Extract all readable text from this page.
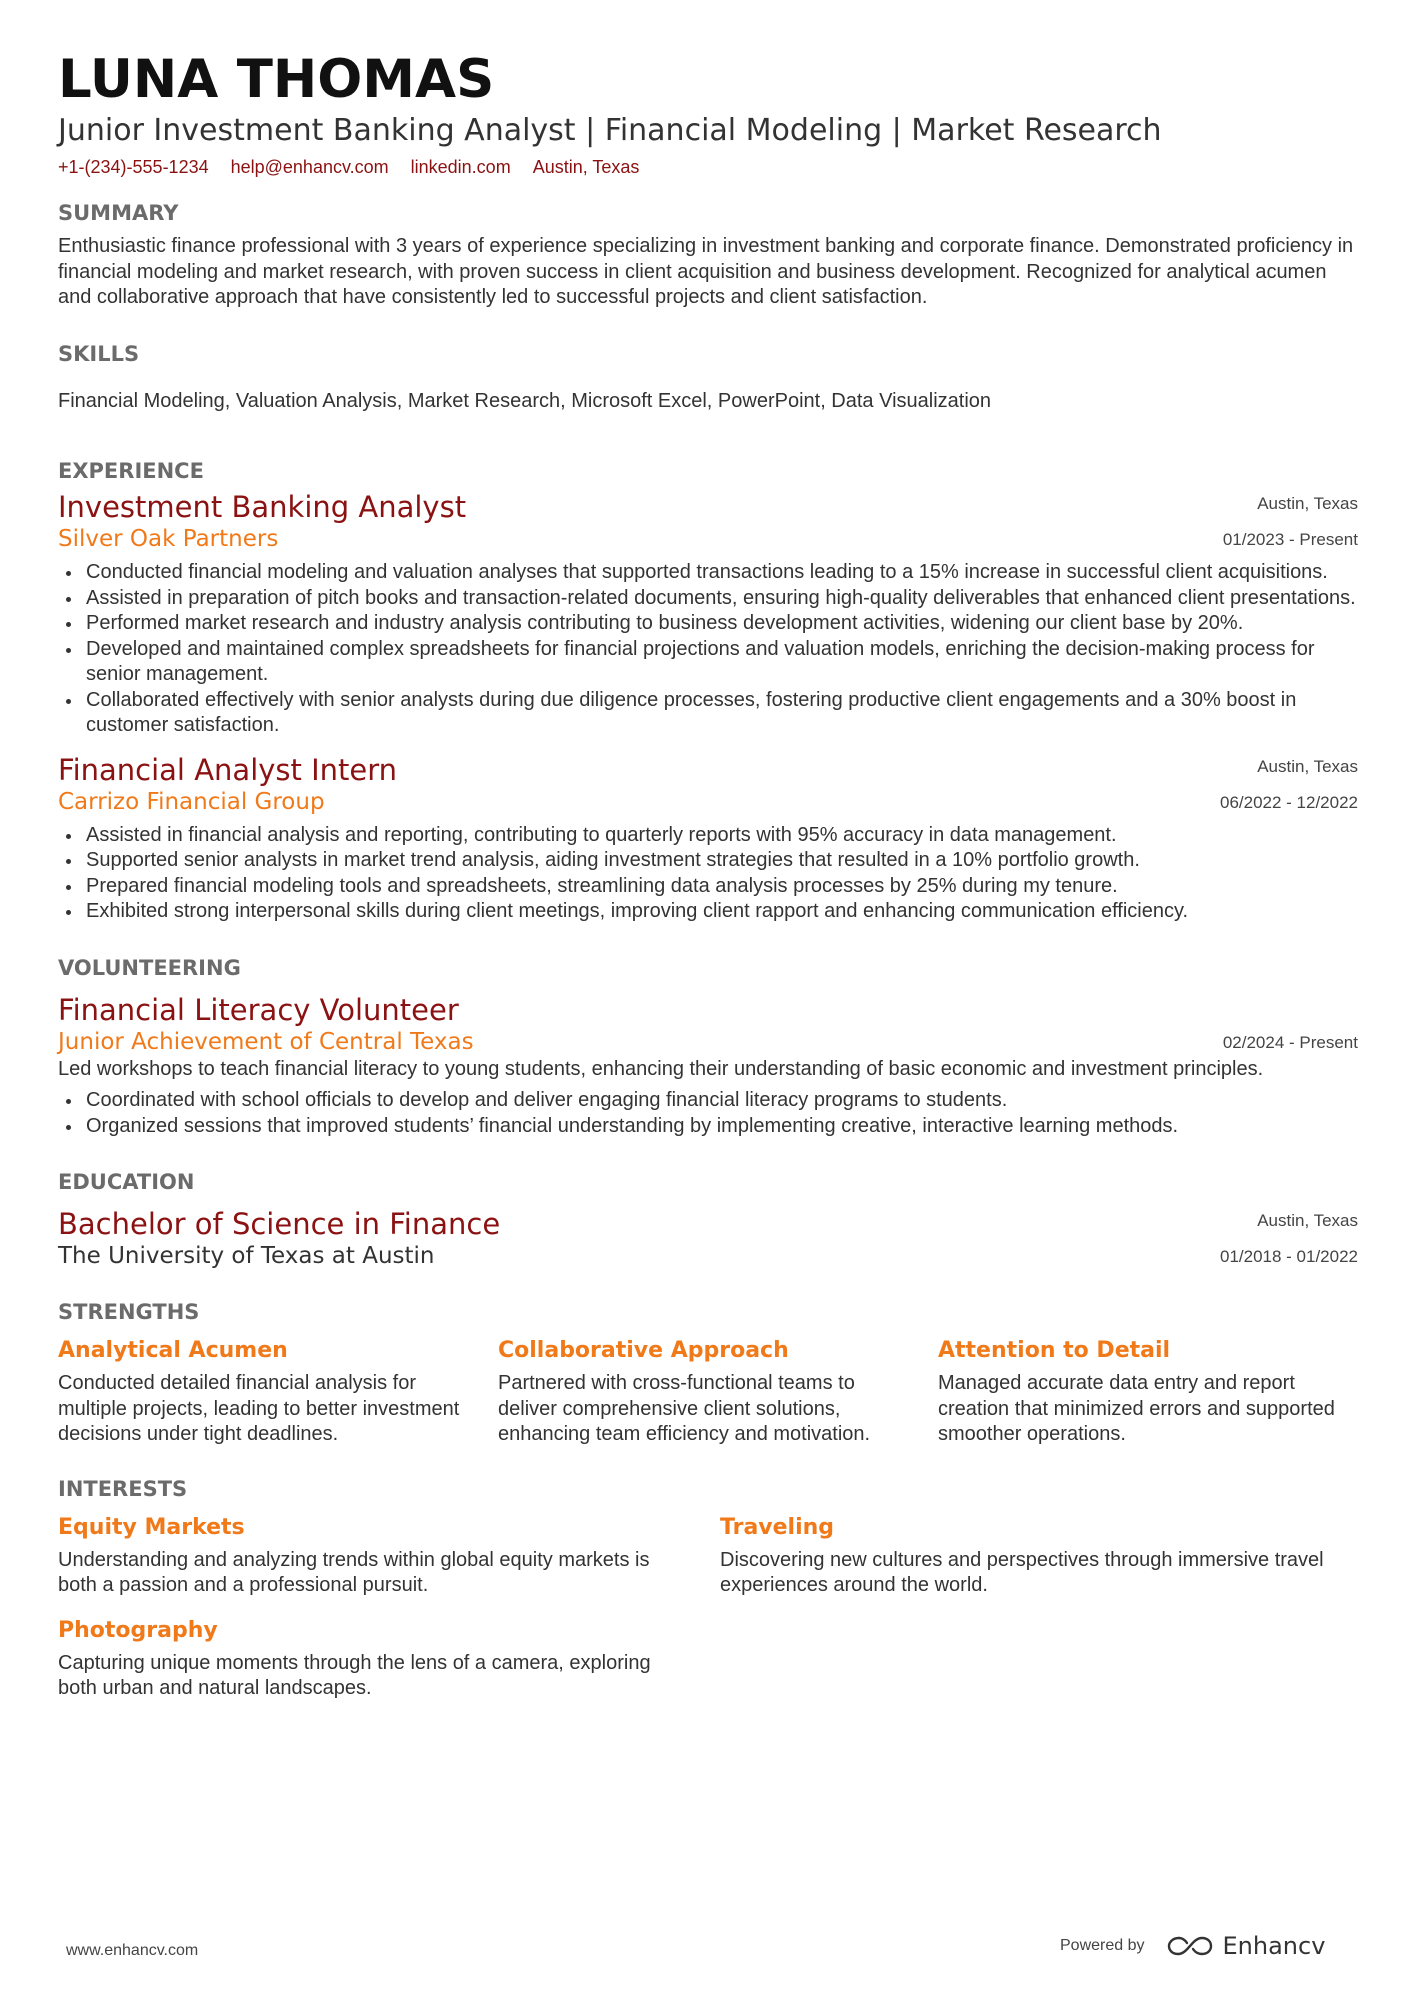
LUNA THOMAS
Junior Investment Banking Analyst | Financial Modeling | Market Research
+1-(234)-555-1234 help@enhancv.com linkedin.com Austin, Texas
SUMMARY
Enthusiastic finance professional with 3 years of experience specializing in investment banking and corporate finance. Demonstrated proficiency in financial modeling and market research, with proven success in client acquisition and business development. Recognized for analytical acumen and collaborative approach that have consistently led to successful projects and client satisfaction.
SKILLS
Financial Modeling, Valuation Analysis, Market Research, Microsoft Excel, PowerPoint, Data Visualization
EXPERIENCE
Austin, Texas
01/2023 - Present
Investment Banking Analyst
Silver Oak Partners
Conducted financial modeling and valuation analyses that supported transactions leading to a 15% increase in successful client acquisitions.
Assisted in preparation of pitch books and transaction-related documents, ensuring high-quality deliverables that enhanced client presentations.
Performed market research and industry analysis contributing to business development activities, widening our client base by 20%.
Developed and maintained complex spreadsheets for financial projections and valuation models, enriching the decision-making process for senior management.
Collaborated effectively with senior analysts during due diligence processes, fostering productive client engagements and a 30% boost in customer satisfaction.
Austin, Texas
06/2022 - 12/2022
Financial Analyst Intern
Carrizo Financial Group
Assisted in financial analysis and reporting, contributing to quarterly reports with 95% accuracy in data management.
Supported senior analysts in market trend analysis, aiding investment strategies that resulted in a 10% portfolio growth.
Prepared financial modeling tools and spreadsheets, streamlining data analysis processes by 25% during my tenure.
Exhibited strong interpersonal skills during client meetings, improving client rapport and enhancing communication efficiency.
VOLUNTEERING
02/2024 - Present
Financial Literacy Volunteer
Junior Achievement of Central Texas
Led workshops to teach financial literacy to young students, enhancing their understanding of basic economic and investment principles.
Coordinated with school officials to develop and deliver engaging financial literacy programs to students.
Organized sessions that improved students’ financial understanding by implementing creative, interactive learning methods.
EDUCATION
Austin, Texas
01/2018 - 01/2022
Bachelor of Science in Finance
The University of Texas at Austin
STRENGTHS
Analytical Acumen
Conducted detailed financial analysis for multiple projects, leading to better investment decisions under tight deadlines.
Collaborative Approach
Partnered with cross-functional teams to deliver comprehensive client solutions, enhancing team efficiency and motivation.
Attention to Detail
Managed accurate data entry and report creation that minimized errors and supported smoother operations.
INTERESTS
Equity Markets
Understanding and analyzing trends within global equity markets is both a passion and a professional pursuit.
Traveling
Discovering new cultures and perspectives through immersive travel experiences around the world.
Photography
Capturing unique moments through the lens of a camera, exploring both urban and natural landscapes.
www.enhancv.com	Powered by	Enhancv
